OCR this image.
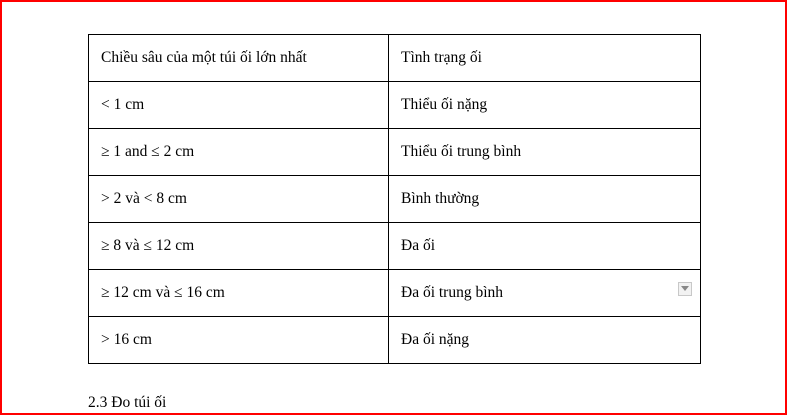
Chiều sâu của một túi ối lớn nhất	Tình trạng ối
< 1 cm	Thiểu ối nặng
≥ 1 and ≤ 2 cm	Thiểu ối trung bình
> 2 và < 8 cm	Bình thường
≥ 8 và ≤ 12 cm	Đa ối
≥ 12 cm và ≤ 16 cm	Đa ối trung bình
> 16 cm	Đa ối nặng
2.3 Đo túi ối
